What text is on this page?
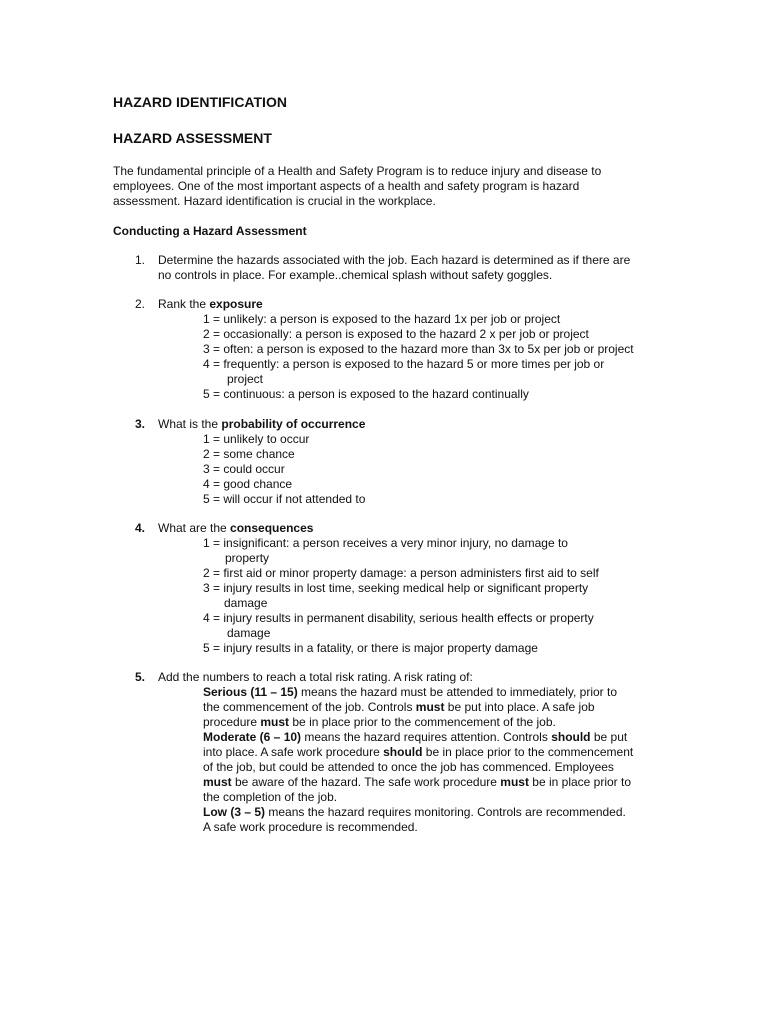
HAZARD IDENTIFICATION
HAZARD ASSESSMENT
The fundamental principle of a Health and Safety Program is to reduce injury and disease to
employees. One of the most important aspects of a health and safety program is hazard
assessment. Hazard identification is crucial in the workplace.
Conducting a Hazard Assessment
1.	Determine the hazards associated with the job. Each hazard is determined as if there are
no controls in place. For example..chemical splash without safety goggles.
2.	Rank the exposure
1 = unlikely: a person is exposed to the hazard 1x per job or project
2 = occasionally: a person is exposed to the hazard 2 x per job or project
3 = often: a person is exposed to the hazard more than 3x to 5x per job or project
4 = frequently: a person is exposed to the hazard 5 or more times per job or
project
5 = continuous: a person is exposed to the hazard continually
3.	What is the probability of occurrence
1 = unlikely to occur
2 = some chance
3 = could occur
4 = good chance
5 = will occur if not attended to
4.	What are the consequences
1 = insignificant: a person receives a very minor injury, no damage to
property
2 = first aid or minor property damage: a person administers first aid to self
3 = injury results in lost time, seeking medical help or significant property
damage
4 = injury results in permanent disability, serious health effects or property
damage
5 = injury results in a fatality, or there is major property damage
5.	Add the numbers to reach a total risk rating. A risk rating of:
Serious (11 – 15) means the hazard must be attended to immediately, prior to
the commencement of the job. Controls must be put into place. A safe job
procedure must be in place prior to the commencement of the job.
Moderate (6 – 10) means the hazard requires attention. Controls should be put
into place. A safe work procedure should be in place prior to the commencement
of the job, but could be attended to once the job has commenced. Employees
must be aware of the hazard. The safe work procedure must be in place prior to
the completion of the job.
Low (3 – 5) means the hazard requires monitoring. Controls are recommended.
A safe work procedure is recommended.
